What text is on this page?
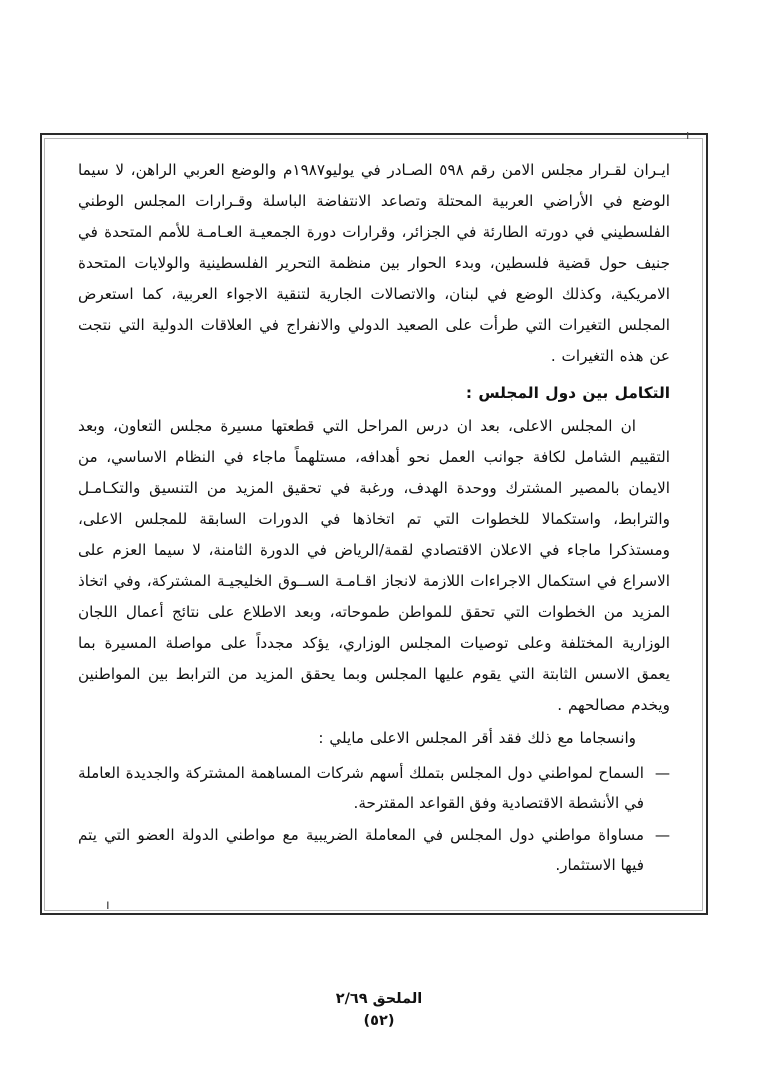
ı

ايـران لقـرار مجلس الامن رقم ٥٩٨ الصـادر في يوليو١٩٨٧م والوضع العربي الراهن، لا سيما الوضع في الأراضي العربية المحتلة وتصاعد الانتفاضة الباسلة وقـرارات المجلس الوطني الفلسطيني في دورته الطارئة في الجزائر، وقرارات دورة الجمعيـة العـامـة للأمم المتحدة في جنيف حول قضية فلسطين، وبدء الحوار بين منظمة التحرير الفلسطينية والولايات المتحدة الامريكية، وكذلك الوضع في لبنان، والاتصالات الجارية لتنقية الاجواء العربية، كما استعرض المجلس التغيرات التي طرأت على الصعيد الدولي والانفراج في العلاقات الدولية التي نتجت عن هذه التغيرات .

التكامل بين دول المجلس :

ان المجلس الاعلى، بعد ان درس المراحل التي قطعتها مسيرة مجلس التعاون، وبعد التقييم الشامل لكافة جوانب العمل نحو أهدافه، مستلهماً ماجاء في النظام الاساسي، من الايمان بالمصير المشترك ووحدة الهدف، ورغبة في تحقيق المزيد من التنسيق والتكـامـل والترابط، واستكمالا للخطوات التي تم اتخاذها في الدورات السابقة للمجلس الاعلى، ومستذكرا ماجاء في الاعلان الاقتصادي لقمة/الرياض في الدورة الثامنة، لا سيما العزم على الاسراع في استكمال الاجراءات اللازمة لانجاز اقـامـة الســوق الخليجيـة المشتركة، وفي اتخاذ المزيد من الخطوات التي تحقق للمواطن طموحاته، وبعد الاطلاع على نتائج أعمال اللجان الوزارية المختلفة وعلى توصيات المجلس الوزاري، يؤكد مجدداً على مواصلة المسيرة بما يعمق الاسس الثابتة التي يقوم عليها المجلس وبما يحقق المزيد من الترابط بين المواطنين ويخدم مصالحهم .

وانسجاما مع ذلك فقد أقر المجلس الاعلى مايلي :

—
السماح لمواطني دول المجلس بتملك أسهم شركات المساهمة المشتركة والجديدة العاملة في الأنشطة الاقتصادية وفق القواعد المقترحة.
—
مساواة مواطني دول المجلس في المعاملة الضريبية مع مواطني الدولة العضو التي يتم فيها الاستثمار.
ı
الملحق ٢/٦٩
(٥٢)
